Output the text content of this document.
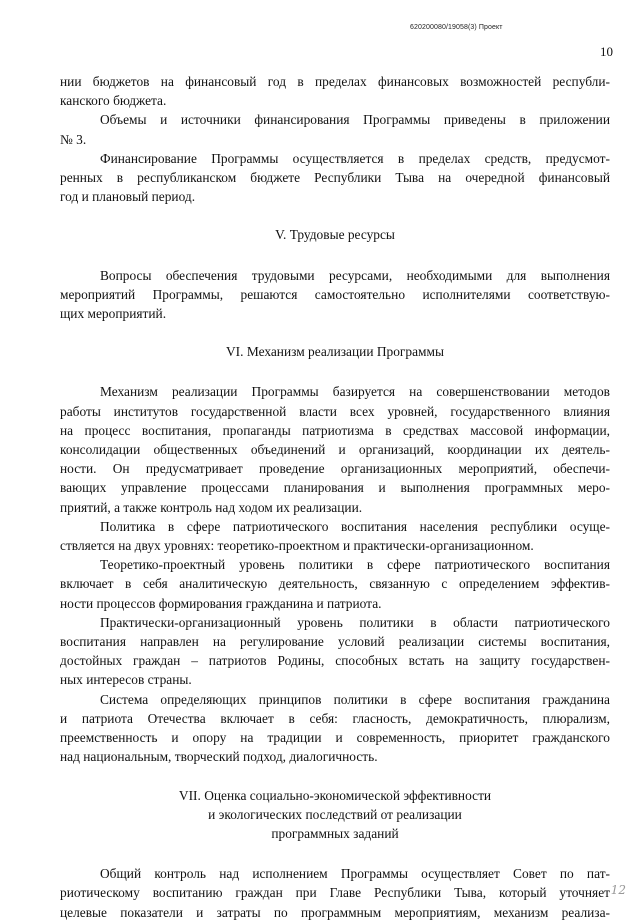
620200080/19058(3) Проект
10
нии бюджетов на финансовый год в пределах финансовых возможностей республи-
канского бюджета.
Объемы и источники финансирования Программы приведены в приложении
№ 3.
Финансирование Программы осуществляется в пределах средств, предусмот-
ренных в республиканском бюджете Республики Тыва на очередной финансовый
год и плановый период.
V. Трудовые ресурсы
Вопросы обеспечения трудовыми ресурсами, необходимыми для выполнения
мероприятий Программы, решаются самостоятельно исполнителями соответствую-
щих мероприятий.
VI. Механизм реализации Программы
Механизм реализации Программы базируется на совершенствовании методов
работы институтов государственной власти всех уровней, государственного влияния
на процесс воспитания, пропаганды патриотизма в средствах массовой информации,
консолидации общественных объединений и организаций, координации их деятель-
ности. Он предусматривает проведение организационных мероприятий, обеспечи-
вающих управление процессами планирования и выполнения программных меро-
приятий, а также контроль над ходом их реализации.
Политика в сфере патриотического воспитания населения республики осуще-
ствляется на двух уровнях: теоретико-проектном и практически-организационном.
Теоретико-проектный уровень политики в сфере патриотического воспитания
включает в себя аналитическую деятельность, связанную с определением эффектив-
ности процессов формирования гражданина и патриота.
Практически-организационный уровень политики в области патриотического
воспитания направлен на регулирование условий реализации системы воспитания,
достойных граждан – патриотов Родины, способных встать на защиту государствен-
ных интересов страны.
Система определяющих принципов политики в сфере воспитания гражданина
и патриота Отечества включает в себя: гласность, демократичность, плюрализм,
преемственность и опору на традиции и современность, приоритет гражданского
над национальным, творческий подход, диалогичность.
VII. Оценка социально-экономической эффективности
и экологических последствий от реализации
программных заданий
Общий контроль над исполнением Программы осуществляет Совет по пат-
риотическому воспитанию граждан при Главе Республики Тыва, который уточняет
целевые показатели и затраты по программным мероприятиям, механизм реализа-
12
